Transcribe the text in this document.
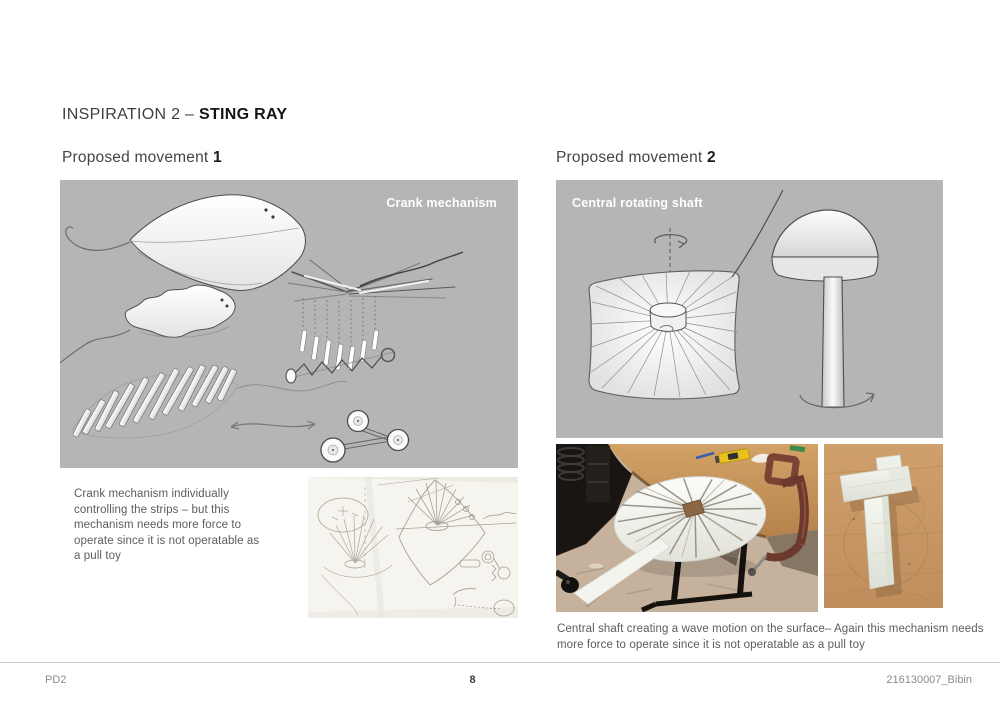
INSPIRATION 2 – STING RAY
Proposed movement 1	Proposed movement 2
Crank mechanism	Central rotating shaft
Crank mechanism individually controlling the strips – but this mechanism needs more force to operate since it is not operatable as a pull toy
Central shaft creating a wave motion on the surface– Again this mechanism needs more force to operate since it is not operatable as a pull toy
PD2	8	216130007_Bibin
